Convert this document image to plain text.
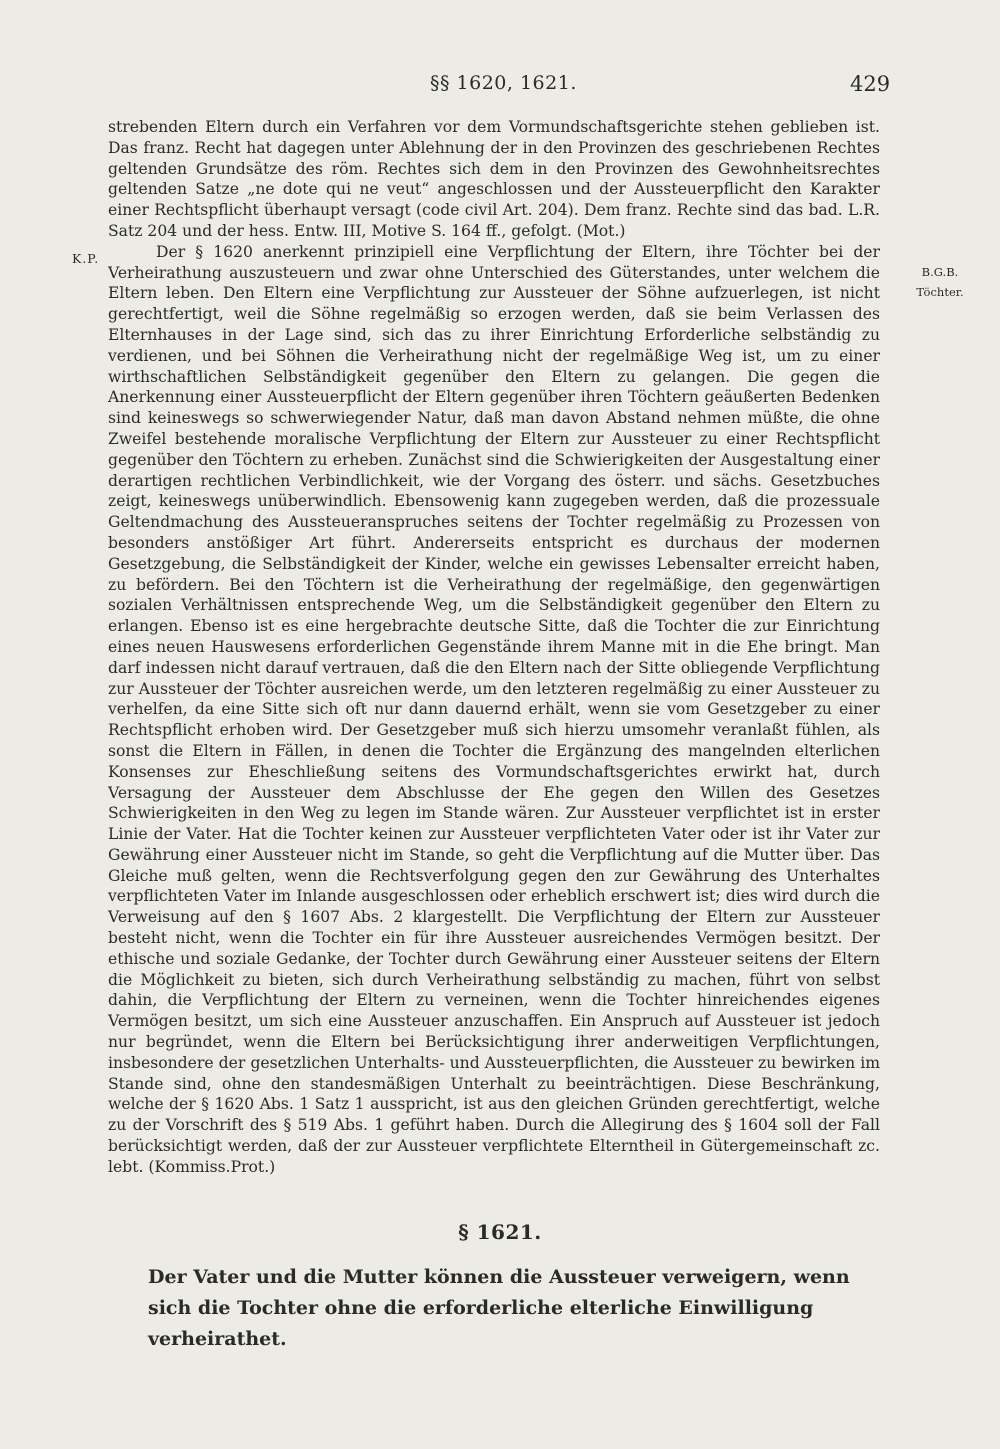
§§ 1620, 1621.	429
K.P.
B.G.B.
Töchter.

strebenden Eltern durch ein Verfahren vor dem Vormundschaftsgerichte stehen geblieben ist. Das franz. Recht hat dagegen unter Ablehnung der in den Provinzen des geschriebenen Rechtes geltenden Grundsätze des röm. Rechtes sich dem in den Provinzen des Gewohnheitsrechtes geltenden Satze „ne dote qui ne veut“ angeschlossen und der Aussteuerpflicht den Karakter einer Rechtspflicht überhaupt versagt (code civil Art. 204). Dem franz. Rechte sind das bad. L.R. Satz 204 und der hess. Entw. III, Motive S. 164 ff., gefolgt. (Mot.)

Der § 1620 anerkennt prinzipiell eine Verpflichtung der Eltern, ihre Töchter bei der Verheirathung auszusteuern und zwar ohne Unterschied des Güterstandes, unter welchem die Eltern leben. Den Eltern eine Verpflichtung zur Aussteuer der Söhne aufzuerlegen, ist nicht gerechtfertigt, weil die Söhne regelmäßig so erzogen werden, daß sie beim Verlassen des Elternhauses in der Lage sind, sich das zu ihrer Einrichtung Erforderliche selbständig zu verdienen, und bei Söhnen die Verheirathung nicht der regelmäßige Weg ist, um zu einer wirthschaftlichen Selbständigkeit gegenüber den Eltern zu gelangen. Die gegen die Anerkennung einer Aussteuerpflicht der Eltern gegenüber ihren Töchtern geäußerten Bedenken sind keineswegs so schwerwiegender Natur, daß man davon Abstand nehmen müßte, die ohne Zweifel bestehende moralische Verpflichtung der Eltern zur Aussteuer zu einer Rechtspflicht gegenüber den Töchtern zu erheben. Zunächst sind die Schwierigkeiten der Ausgestaltung einer derartigen rechtlichen Verbindlichkeit, wie der Vorgang des österr. und sächs. Gesetzbuches zeigt, keineswegs unüberwindlich. Ebensowenig kann zugegeben werden, daß die prozessuale Geltendmachung des Aussteueranspruches seitens der Tochter regelmäßig zu Prozessen von besonders anstößiger Art führt. Andererseits entspricht es durchaus der modernen Gesetzgebung, die Selbständigkeit der Kinder, welche ein gewisses Lebensalter erreicht haben, zu befördern. Bei den Töchtern ist die Verheirathung der regelmäßige, den gegenwärtigen sozialen Verhältnissen entsprechende Weg, um die Selbständigkeit gegenüber den Eltern zu erlangen. Ebenso ist es eine hergebrachte deutsche Sitte, daß die Tochter die zur Einrichtung eines neuen Hauswesens erforderlichen Gegenstände ihrem Manne mit in die Ehe bringt. Man darf indessen nicht darauf vertrauen, daß die den Eltern nach der Sitte obliegende Verpflichtung zur Aussteuer der Töchter ausreichen werde, um den letzteren regelmäßig zu einer Aussteuer zu verhelfen, da eine Sitte sich oft nur dann dauernd erhält, wenn sie vom Gesetzgeber zu einer Rechtspflicht erhoben wird. Der Gesetzgeber muß sich hierzu umsomehr veranlaßt fühlen, als sonst die Eltern in Fällen, in denen die Tochter die Ergänzung des mangelnden elterlichen Konsenses zur Eheschließung seitens des Vormundschaftsgerichtes erwirkt hat, durch Versagung der Aussteuer dem Abschlusse der Ehe gegen den Willen des Gesetzes Schwierigkeiten in den Weg zu legen im Stande wären. Zur Aussteuer verpflichtet ist in erster Linie der Vater. Hat die Tochter keinen zur Aussteuer verpflichteten Vater oder ist ihr Vater zur Gewährung einer Aussteuer nicht im Stande, so geht die Verpflichtung auf die Mutter über. Das Gleiche muß gelten, wenn die Rechtsverfolgung gegen den zur Gewährung des Unterhaltes verpflichteten Vater im Inlande ausgeschlossen oder erheblich erschwert ist; dies wird durch die Verweisung auf den § 1607 Abs. 2 klargestellt. Die Verpflichtung der Eltern zur Aussteuer besteht nicht, wenn die Tochter ein für ihre Aussteuer ausreichendes Vermögen besitzt. Der ethische und soziale Gedanke, der Tochter durch Gewährung einer Aussteuer seitens der Eltern die Möglichkeit zu bieten, sich durch Verheirathung selbständig zu machen, führt von selbst dahin, die Verpflichtung der Eltern zu verneinen, wenn die Tochter hinreichendes eigenes Vermögen besitzt, um sich eine Aussteuer anzuschaffen. Ein Anspruch auf Aussteuer ist jedoch nur begründet, wenn die Eltern bei Berücksichtigung ihrer anderweitigen Verpflichtungen, insbesondere der gesetzlichen Unterhalts- und Aussteuerpflichten, die Aussteuer zu bewirken im Stande sind, ohne den standesmäßigen Unterhalt zu beeinträchtigen. Diese Beschränkung, welche der § 1620 Abs. 1 Satz 1 ausspricht, ist aus den gleichen Gründen gerechtfertigt, welche zu der Vorschrift des § 519 Abs. 1 geführt haben. Durch die Allegirung des § 1604 soll der Fall berücksichtigt werden, daß der zur Aussteuer verpflichtete Elterntheil in Gütergemeinschaft zc. lebt. (Kommiss.Prot.)

§ 1621.

Der Vater und die Mutter können die Aussteuer verweigern, wenn sich die Tochter ohne die erforderliche elterliche Einwilligung verheirathet.
